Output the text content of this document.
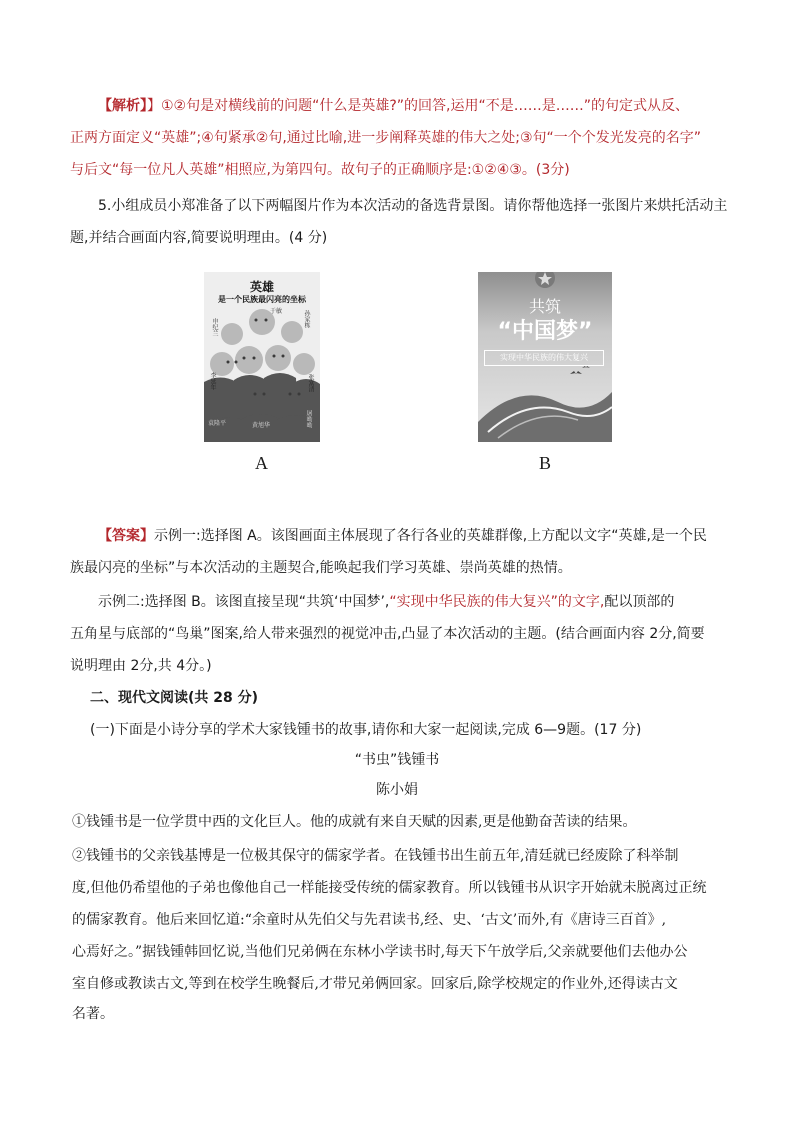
【解析】】①②句是对横线前的问题“什么是英雄?”的回答,运用“不是……是……”的句定式从反、
正两方面定义“英雄”;④句紧承②句,通过比喻,进一步阐释英雄的伟大之处;③句“一个个发光发亮的名字”
与后文“每一位凡人英雄”相照应,为第四句。故句子的正确顺序是:①②④③。(3分)
5.小组成员小郑准备了以下两幅图片作为本次活动的备选背景图。请你帮他选择一张图片来烘托活动主
题,并结合画面内容,简要说明理由。(4 分)
英雄
是一个民族最闪亮的坐标
申纪兰
于敏	孙家栋
李延年	张富清
袁隆平	黄旭华	屠呦呦
A
共筑
“中国梦”
实现中华民族的伟大复兴
B
【答案】示例一:选择图 A。该图画面主体展现了各行各业的英雄群像,上方配以文字“英雄,是一个民
族最闪亮的坐标”与本次活动的主题契合,能唤起我们学习英雄、崇尚英雄的热情。
示例二:选择图 B。该图直接呈现“共筑‘中国梦’,“实现中华民族的伟大复兴”的文字,配以顶部的
五角星与底部的“鸟巢”图案,给人带来强烈的视觉冲击,凸显了本次活动的主题。(结合画面内容 2分,简要
说明理由 2分,共 4分。)
二、现代文阅读(共 28 分)
(一)下面是小诗分享的学术大家钱锺书的故事,请你和大家一起阅读,完成 6—9题。(17 分)
“书虫”钱锺书
陈小娟
①钱锺书是一位学贯中西的文化巨人。他的成就有来自天赋的因素,更是他勤奋苦读的结果。
②钱锺书的父亲钱基博是一位极其保守的儒家学者。在钱锺书出生前五年,清廷就已经废除了科举制
度,但他仍希望他的子弟也像他自己一样能接受传统的儒家教育。所以钱锺书从识字开始就未脱离过正统
的儒家教育。他后来回忆道:“余童时从先伯父与先君读书,经、史、‘古文’而外,有《唐诗三百首》,
心焉好之。”据钱锺韩回忆说,当他们兄弟俩在东林小学读书时,每天下午放学后,父亲就要他们去他办公
室自修或教读古文,等到在校学生晚餐后,才带兄弟俩回家。回家后,除学校规定的作业外,还得读古文
名著。
